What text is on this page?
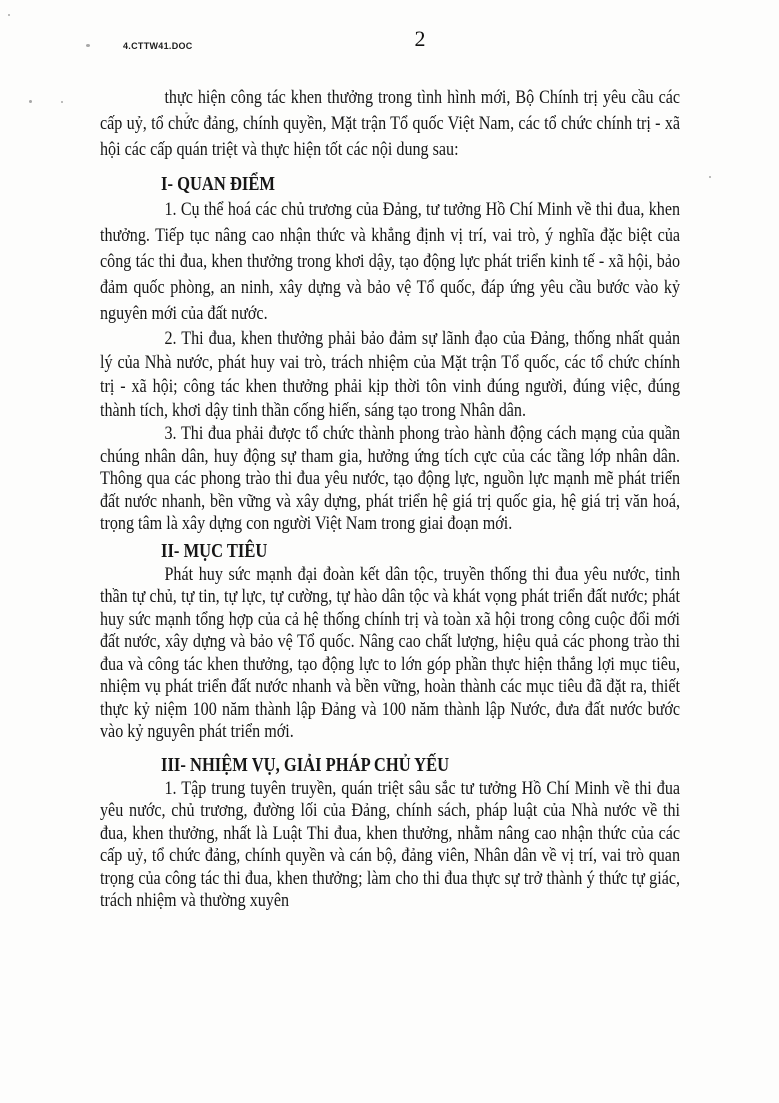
4.CTTW41.DOC	2

thực hiện công tác khen thưởng trong tình hình mới, Bộ Chính trị yêu cầu các cấp uỷ, tổ chức đảng, chính quyền, Mặt trận Tổ quốc Việt Nam, các tổ chức chính trị - xã hội các cấp quán triệt và thực hiện tốt các nội dung sau:

I- QUAN ĐIỂM

1. Cụ thể hoá các chủ trương của Đảng, tư tưởng Hồ Chí Minh về thi đua, khen thưởng. Tiếp tục nâng cao nhận thức và khẳng định vị trí, vai trò, ý nghĩa đặc biệt của công tác thi đua, khen thưởng trong khơi dậy, tạo động lực phát triển kinh tế - xã hội, bảo đảm quốc phòng, an ninh, xây dựng và bảo vệ Tổ quốc, đáp ứng yêu cầu bước vào kỷ nguyên mới của đất nước.

2. Thi đua, khen thưởng phải bảo đảm sự lãnh đạo của Đảng, thống nhất quản lý của Nhà nước, phát huy vai trò, trách nhiệm của Mặt trận Tổ quốc, các tổ chức chính trị - xã hội; công tác khen thưởng phải kịp thời tôn vinh đúng người, đúng việc, đúng thành tích, khơi dậy tinh thần cống hiến, sáng tạo trong Nhân dân.

3. Thi đua phải được tổ chức thành phong trào hành động cách mạng của quần chúng nhân dân, huy động sự tham gia, hưởng ứng tích cực của các tầng lớp nhân dân. Thông qua các phong trào thi đua yêu nước, tạo động lực, nguồn lực mạnh mẽ phát triển đất nước nhanh, bền vững và xây dựng, phát triển hệ giá trị quốc gia, hệ giá trị văn hoá, trọng tâm là xây dựng con người Việt Nam trong giai đoạn mới.

II- MỤC TIÊU

Phát huy sức mạnh đại đoàn kết dân tộc, truyền thống thi đua yêu nước, tinh thần tự chủ, tự tin, tự lực, tự cường, tự hào dân tộc và khát vọng phát triển đất nước; phát huy sức mạnh tổng hợp của cả hệ thống chính trị và toàn xã hội trong công cuộc đổi mới đất nước, xây dựng và bảo vệ Tổ quốc. Nâng cao chất lượng, hiệu quả các phong trào thi đua và công tác khen thưởng, tạo động lực to lớn góp phần thực hiện thắng lợi mục tiêu, nhiệm vụ phát triển đất nước nhanh và bền vững, hoàn thành các mục tiêu đã đặt ra, thiết thực kỷ niệm 100 năm thành lập Đảng và 100 năm thành lập Nước, đưa đất nước bước vào kỷ nguyên phát triển mới.

III- NHIỆM VỤ, GIẢI PHÁP CHỦ YẾU

1. Tập trung tuyên truyền, quán triệt sâu sắc tư tưởng Hồ Chí Minh về thi đua yêu nước, chủ trương, đường lối của Đảng, chính sách, pháp luật của Nhà nước về thi đua, khen thưởng, nhất là Luật Thi đua, khen thưởng, nhằm nâng cao nhận thức của các cấp uỷ, tổ chức đảng, chính quyền và cán bộ, đảng viên, Nhân dân về vị trí, vai trò quan trọng của công tác thi đua, khen thưởng; làm cho thi đua thực sự trở thành ý thức tự giác, trách nhiệm và thường xuyên
